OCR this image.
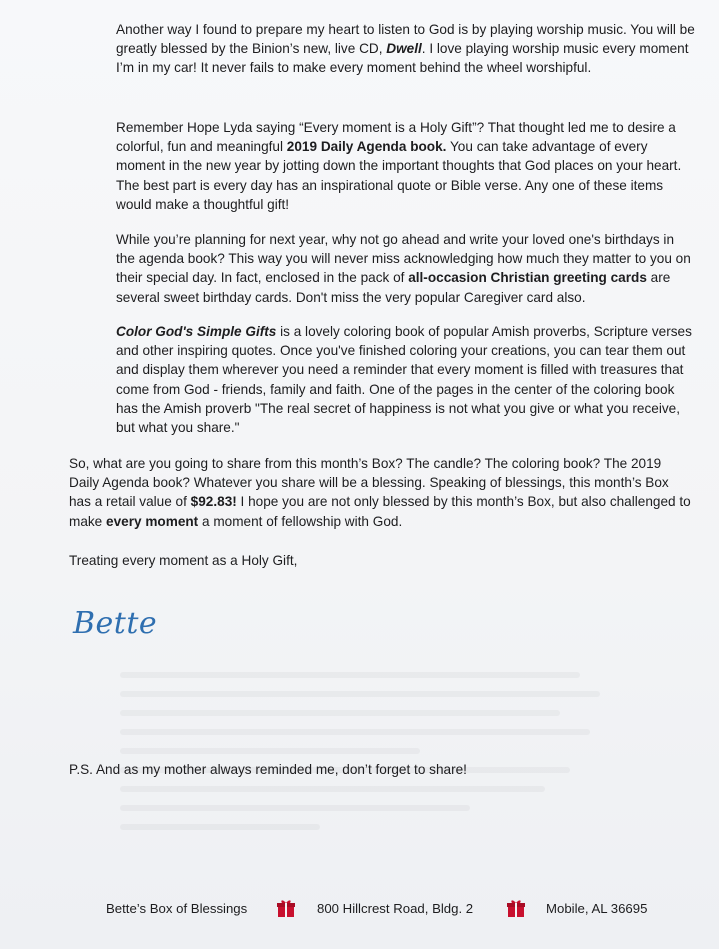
Another way I found to prepare my heart to listen to God is by playing worship music. You will be greatly blessed by the Binion’s new, live CD, Dwell. I love playing worship music every moment I’m in my car! It never fails to make every moment behind the wheel worshipful.

Remember Hope Lyda saying “Every moment is a Holy Gift”? That thought led me to desire a colorful, fun and meaningful 2019 Daily Agenda book. You can take advantage of every moment in the new year by jotting down the important thoughts that God places on your heart. The best part is every day has an inspirational quote or Bible verse. Any one of these items would make a thoughtful gift!

While you’re planning for next year, why not go ahead and write your loved one's birthdays in the agenda book? This way you will never miss acknowledging how much they matter to you on their special day. In fact, enclosed in the pack of all-occasion Christian greeting cards are several sweet birthday cards. Don't miss the very popular Caregiver card also.

Color God's Simple Gifts is a lovely coloring book of popular Amish proverbs, Scripture verses and other inspiring quotes. Once you've finished coloring your creations, you can tear them out and display them wherever you need a reminder that every moment is filled with treasures that come from God - friends, family and faith. One of the pages in the center of the coloring book has the Amish proverb "The real secret of happiness is not what you give or what you receive, but what you share."

So, what are you going to share from this month’s Box? The candle? The coloring book? The 2019 Daily Agenda book? Whatever you share will be a blessing. Speaking of blessings, this month’s Box has a retail value of $92.83! I hope you are not only blessed by this month’s Box, but also challenged to make every moment a moment of fellowship with God.

Treating every moment as a Holy Gift,

Bette

P.S. And as my mother always reminded me, don’t forget to share!

Bette’s Box of Blessings	800 Hillcrest Road, Bldg. 2	Mobile, AL 36695
